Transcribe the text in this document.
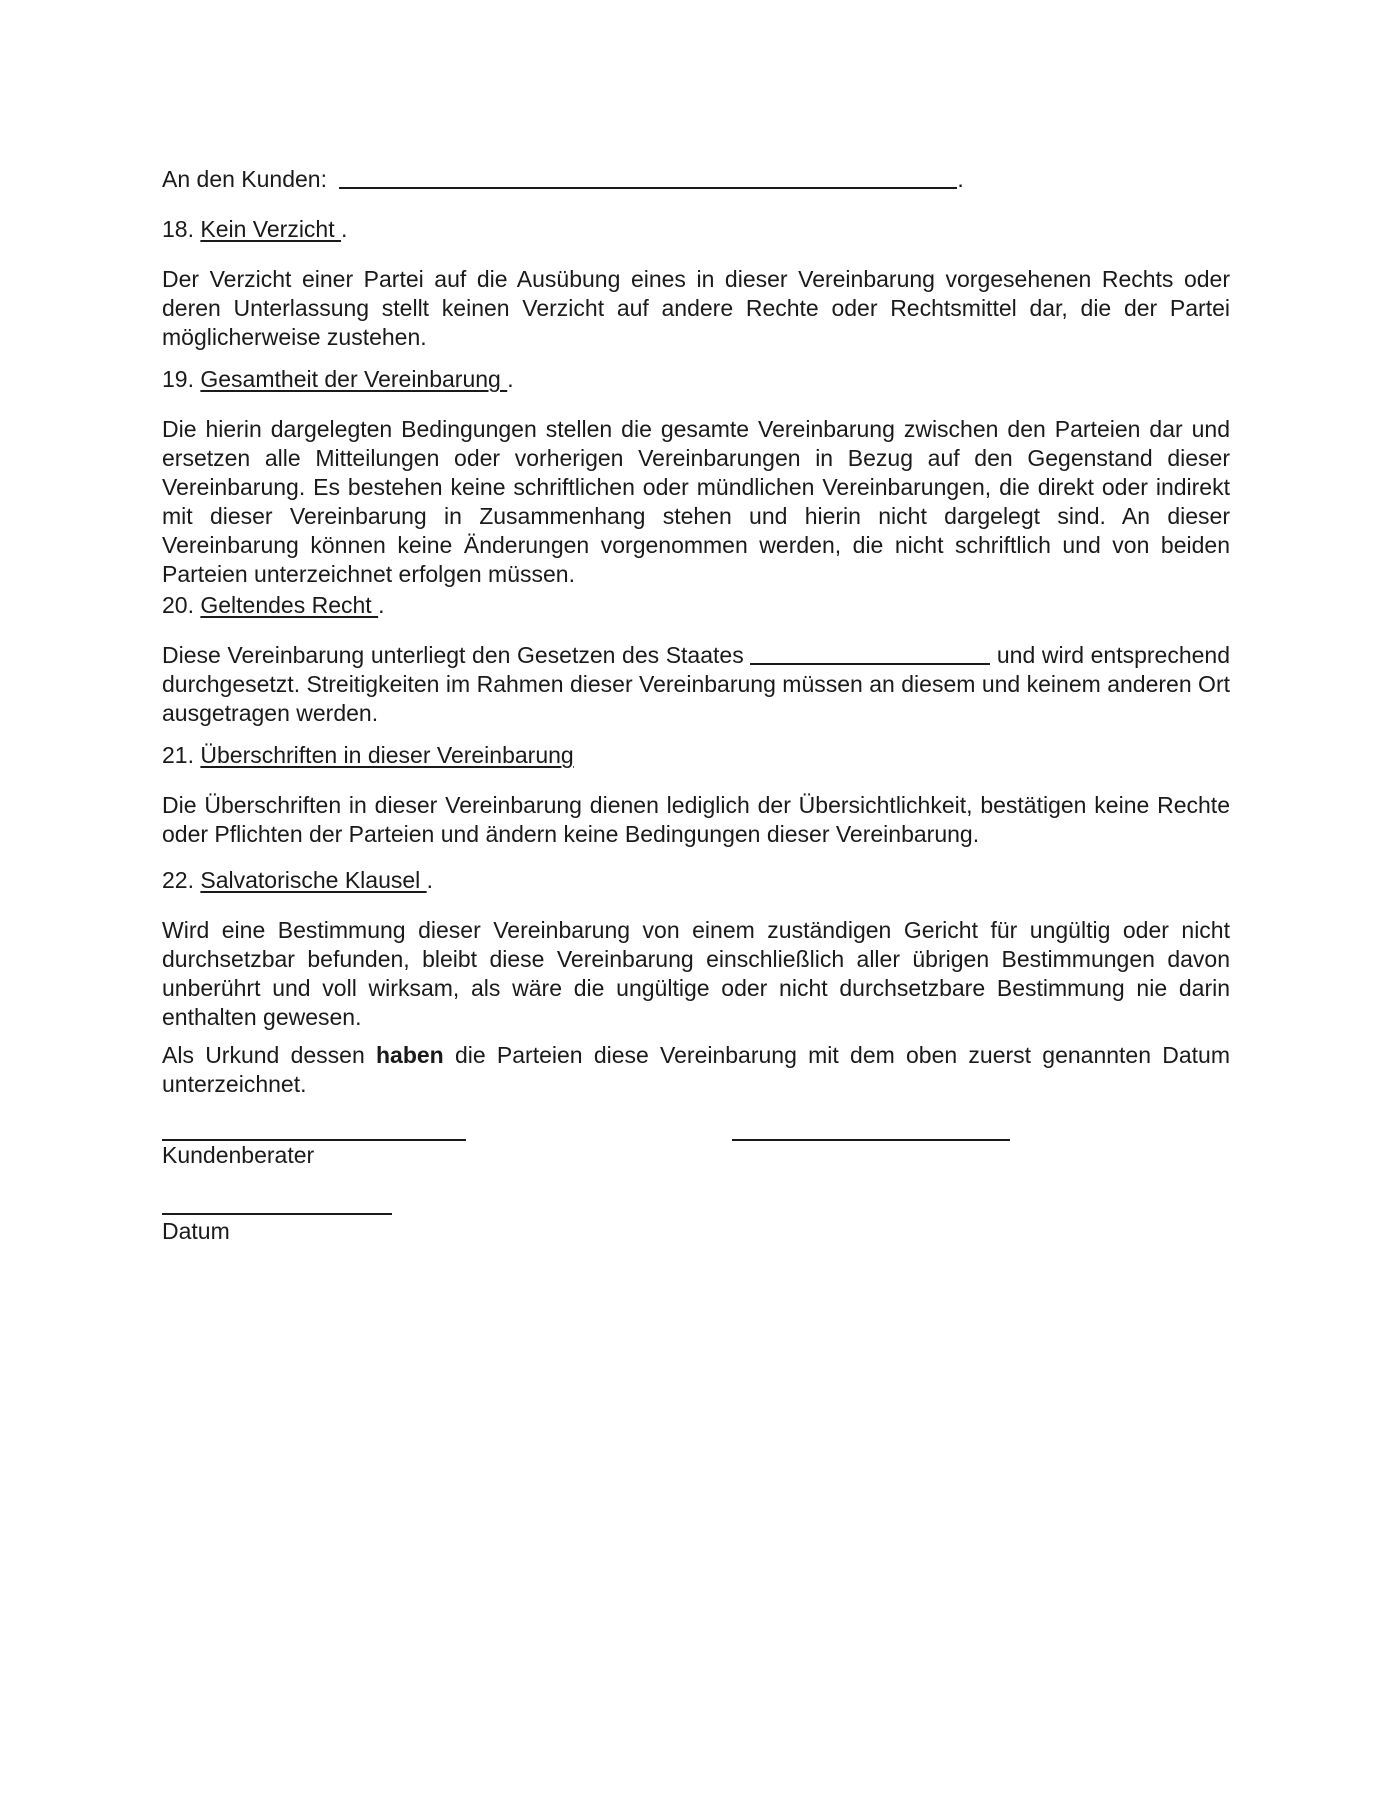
An den Kunden:	.
18. Kein Verzicht .
Der Verzicht einer Partei auf die Ausübung eines in dieser Vereinbarung vorgesehenen Rechts oder deren Unterlassung stellt keinen Verzicht auf andere Rechte oder Rechtsmittel dar, die der Partei möglicherweise zustehen.
19. Gesamtheit der Vereinbarung .
Die hierin dargelegten Bedingungen stellen die gesamte Vereinbarung zwischen den Parteien dar und ersetzen alle Mitteilungen oder vorherigen Vereinbarungen in Bezug auf den Gegenstand dieser Vereinbarung. Es bestehen keine schriftlichen oder mündlichen Vereinbarungen, die direkt oder indirekt mit dieser Vereinbarung in Zusammenhang stehen und hierin nicht dargelegt sind. An dieser Vereinbarung können keine Änderungen vorgenommen werden, die nicht schriftlich und von beiden Parteien unterzeichnet erfolgen müssen.
20. Geltendes Recht .
Diese Vereinbarung unterliegt den Gesetzen des Staates	und wird entsprechend durchgesetzt. Streitigkeiten im Rahmen dieser Vereinbarung müssen an diesem und keinem anderen Ort ausgetragen werden.
21. Überschriften in dieser Vereinbarung
Die Überschriften in dieser Vereinbarung dienen lediglich der Übersichtlichkeit, bestätigen keine Rechte oder Pflichten der Parteien und ändern keine Bedingungen dieser Vereinbarung.
22. Salvatorische Klausel .
Wird eine Bestimmung dieser Vereinbarung von einem zuständigen Gericht für ungültig oder nicht durchsetzbar befunden, bleibt diese Vereinbarung einschließlich aller übrigen Bestimmungen davon unberührt und voll wirksam, als wäre die ungültige oder nicht durchsetzbare Bestimmung nie darin enthalten gewesen.
Als Urkund dessen haben die Parteien diese Vereinbarung mit dem oben zuerst genannten Datum unterzeichnet.
Kundenberater
Datum
